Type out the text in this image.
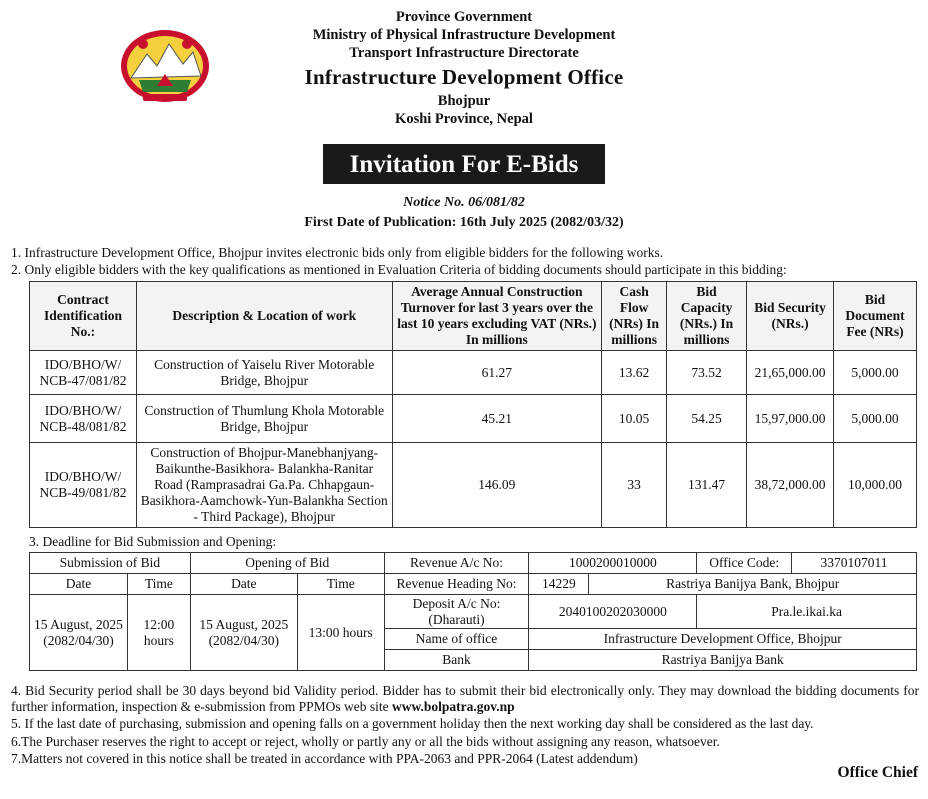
Province Government
Ministry of Physical Infrastructure Development
Transport Infrastructure Directorate
Infrastructure Development Office
Bhojpur
Koshi Province, Nepal
Invitation For E-Bids
Notice No. 06/081/82
First Date of Publication: 16th July 2025 (2082/03/32)
1. Infrastructure Development Office, Bhojpur invites electronic bids only from eligible bidders for the following works.
2. Only eligible bidders with the key qualifications as mentioned in Evaluation Criteria of bidding documents should participate in this bidding:
Contract Identification No.:	Description & Location of work	Average Annual Construction Turnover for last 3 years over the last 10 years excluding VAT (NRs.) In millions	Cash Flow (NRs) In millions	Bid Capacity (NRs.) In millions	Bid Security (NRs.)	Bid Document Fee (NRs)
IDO/BHO/W/ NCB-47/081/82	Construction of Yaiselu River Motorable Bridge, Bhojpur	61.27	13.62	73.52	21,65,000.00	5,000.00
IDO/BHO/W/ NCB-48/081/82	Construction of Thumlung Khola Motorable Bridge, Bhojpur	45.21	10.05	54.25	15,97,000.00	5,000.00
IDO/BHO/W/ NCB-49/081/82	Construction of Bhojpur-Manebhanjyang-Baikunthe-Basikhora- Balankha-Ranitar Road (Ramprasadrai Ga.Pa. Chhapgaun-Basikhora-Aamchowk-Yun-Balankha Section - Third Package), Bhojpur	146.09	33	131.47	38,72,000.00	10,000.00
3. Deadline for Bid Submission and Opening:
Submission of Bid		Opening of Bid		Revenue A/c No:	1000200010000		Office Code:	3370107011
Date	Time	Date	Time	Revenue Heading No:	14229	Rastriya Banijya Bank, Bhojpur		
15 August, 2025 (2082/04/30)	12:00 hours	15 August, 2025 (2082/04/30)	13:00 hours	Deposit A/c No:(Dharauti)	2040100202030000		Pra.le.ikai.ka	
				Name of office	Infrastructure Development Office, Bhojpur			
				Bank	Rastriya Banijya Bank			
4. Bid Security period shall be 30 days beyond bid Validity period. Bidder has to submit their bid electronically only. They may download the bidding documents for further information, inspection & e-submission from PPMOs web site www.bolpatra.gov.np
5. If the last date of purchasing, submission and opening falls on a government holiday then the next working day shall be considered as the last day.
6.The Purchaser reserves the right to accept or reject, wholly or partly any or all the bids without assigning any reason, whatsoever.
7.Matters not covered in this notice shall be treated in accordance with PPA-2063 and PPR-2064 (Latest addendum)
Office Chief
